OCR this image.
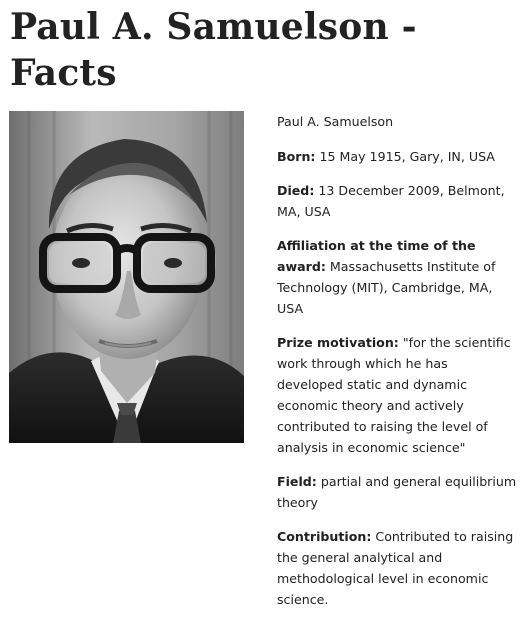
Paul A. Samuelson - Facts

Paul A. Samuelson

Born: 15 May 1915, Gary, IN, USA

Died: 13 December 2009, Belmont, MA, USA

Affiliation at the time of the award: Massachusetts Institute of Technology (MIT), Cambridge, MA, USA

Prize motivation: "for the scientific work through which he has developed static and dynamic economic theory and actively contributed to raising the level of analysis in economic science"

Field: partial and general equilibrium theory

Contribution: Contributed to raising the general analytical and methodological level in economic science.
